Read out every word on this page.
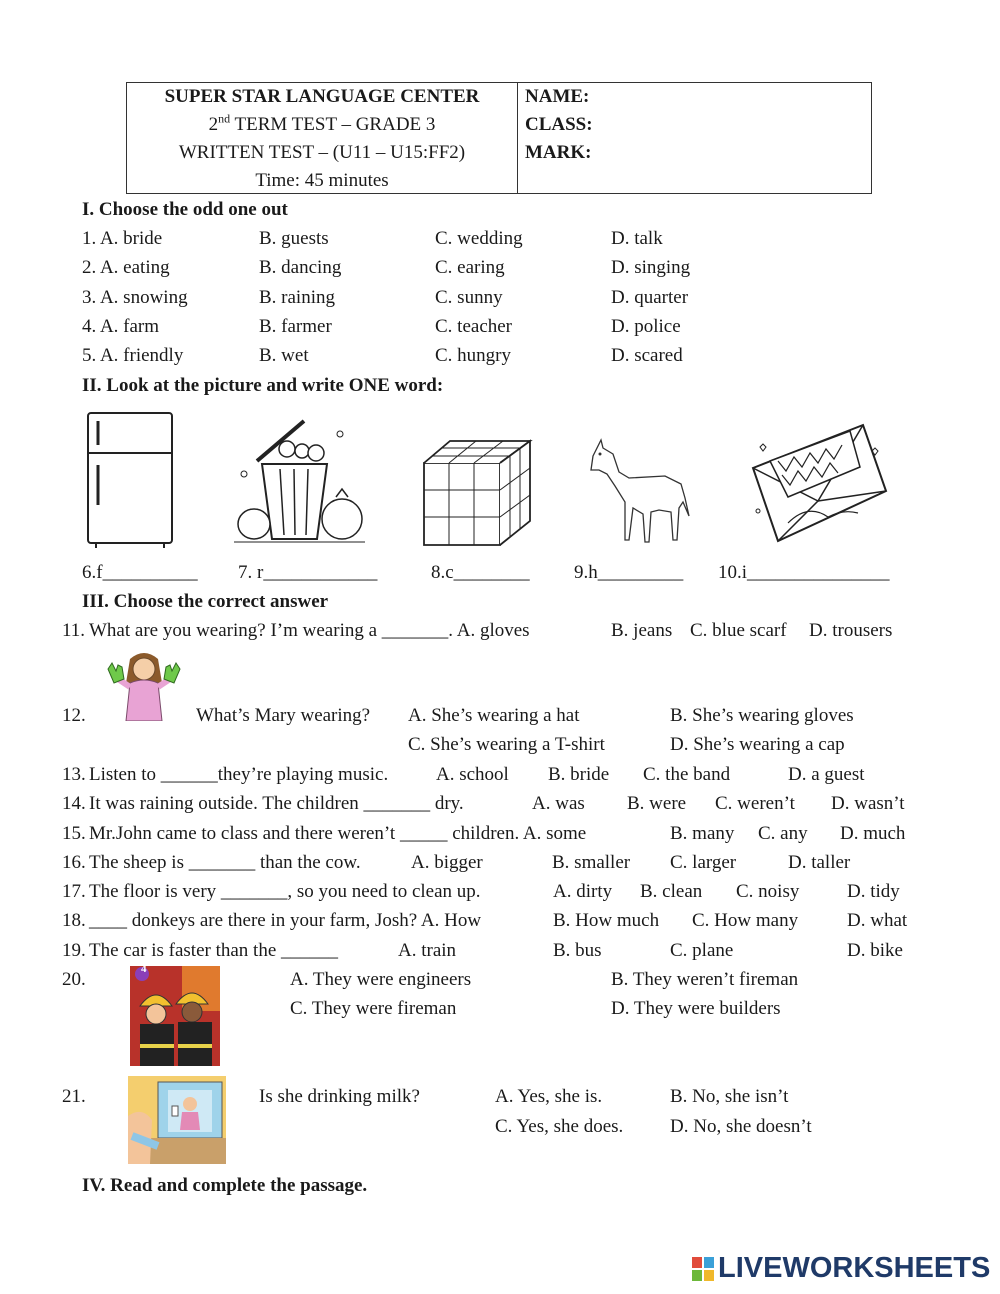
SUPER STAR LANGUAGE CENTER
2nd TERM TEST – GRADE 3
WRITTEN TEST – (U11 – U15:FF2)
Time: 45 minutes
NAME:
CLASS:
MARK:
I. Choose the odd one out
1. A. bride	B. guests	C. wedding	D. talk
2. A. eating	B. dancing	C. earing	D. singing
3. A. snowing	B. raining	C. sunny	D. quarter
4. A. farm	B. farmer	C. teacher	D. police
5. A. friendly	B. wet	C. hungry	D. scared
II. Look at the picture and write ONE word:
6.f__________ 7. r____________	8.c________ 9.h_________ 10.i_______________
III. Choose the correct answer
11. What are you wearing? I’m wearing a _______. A. gloves	B. jeans C. blue scarf D. trousers
12.	What’s Mary wearing? A. She’s wearing a hat	B. She’s wearing gloves
C. She’s wearing a T-shirt	D. She’s wearing a cap
13. Listen to ______they’re playing music.	A. school B. bride C. the band	D. a guest
14. It was raining outside. The children _______ dry.	A. was B. were C. weren’t D. wasn’t
15. Mr.John came to class and there weren’t _____ children. A. some	B. many C. any D. much
16. The sheep is _______ than the cow.	A. bigger	B. smaller C. larger	D. taller
17. The floor is very _______, so you need to clean up.	A. dirty B. clean C. noisy	D. tidy
18. ____ donkeys are there in your farm, Josh? A. How	B. How much C. How many	D. what
19. The car is faster than the ______	A. train	B. bus	C. plane	D. bike
20.	4	A. They were engineers	B. They weren’t fireman
C. They were fireman	D. They were builders
21.	Is she drinking milk?	A. Yes, she is.	B. No, she isn’t
C. Yes, she does. D. No, she doesn’t
IV. Read and complete the passage.
LIVEWORKSHEETS
